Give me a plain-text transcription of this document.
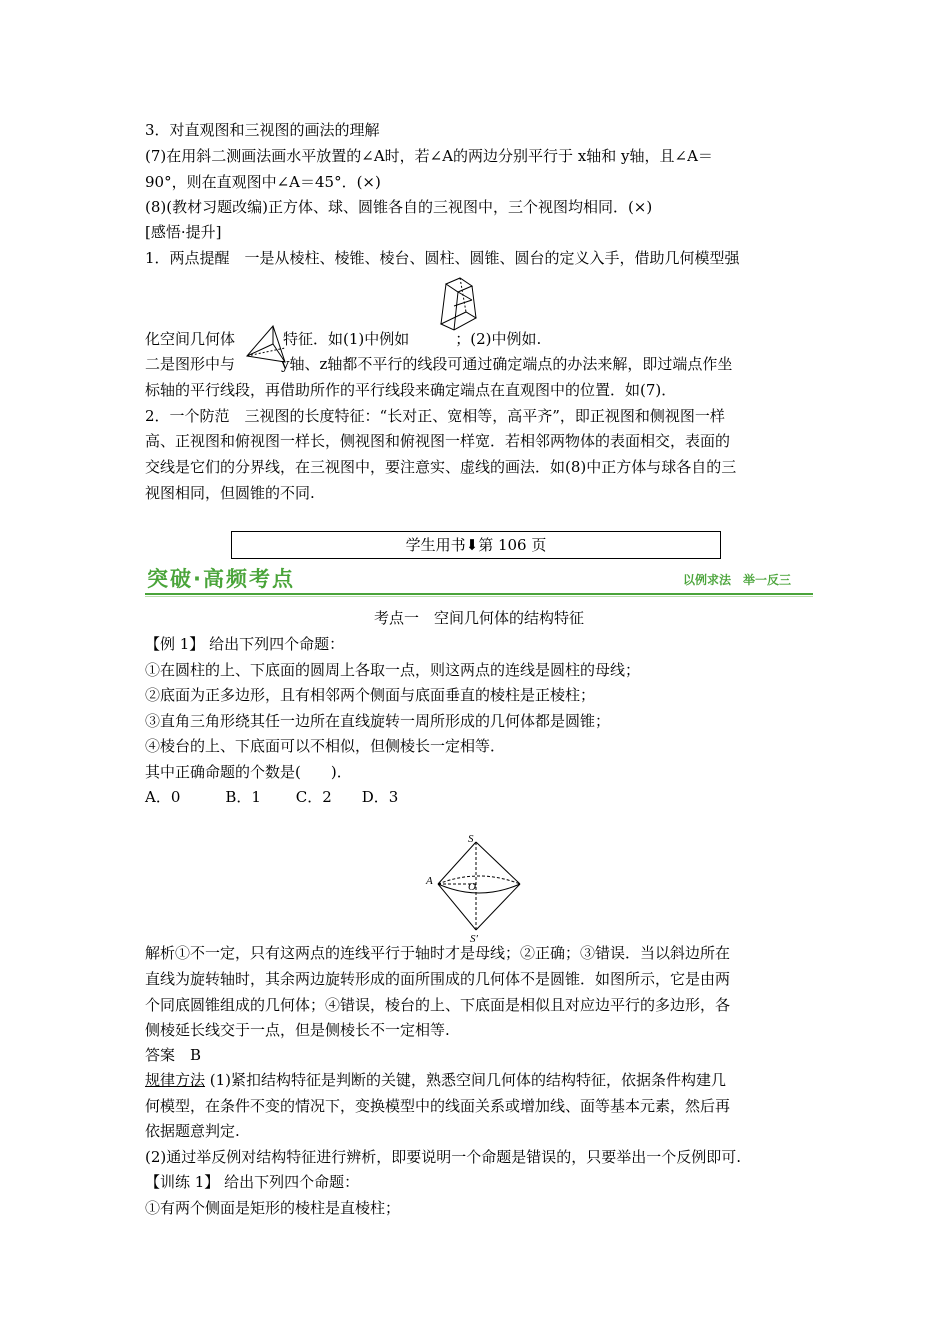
3．对直观图和三视图的画法的理解
(7)在用斜二测画法画水平放置的∠A时，若∠A的两边分别平行于 x轴和 y轴，且∠A＝
90°，则在直观图中∠A＝45°．(×)
(8)(教材习题改编)正方体、球、圆锥各自的三视图中，三个视图均相同．(×)
[感悟·提升]
1．两点提醒　一是从棱柱、棱锥、棱台、圆柱、圆锥、圆台的定义入手，借助几何模型强
化空间几何体	特征．如(1)中例如	；(2)中例如.
二是图形中与	y轴、z轴都不平行的线段可通过确定端点的办法来解，即过端点作坐
标轴的平行线段，再借助所作的平行线段来确定端点在直观图中的位置．如(7)．
2．一个防范　三视图的长度特征：“长对正、宽相等，高平齐”，即正视图和侧视图一样
高、正视图和俯视图一样长，侧视图和俯视图一样宽．若相邻两物体的表面相交，表面的
交线是它们的分界线，在三视图中，要注意实、虚线的画法．如(8)中正方体与球各自的三
视图相同，但圆锥的不同.
学生用书⬇第 106 页
突破·高频考点	以例求法　举一反三
考点一　空间几何体的结构特征
【例 1】 给出下列四个命题：
①在圆柱的上、下底面的圆周上各取一点，则这两点的连线是圆柱的母线；
②底面为正多边形，且有相邻两个侧面与底面垂直的棱柱是正棱柱；
③直角三角形绕其任一边所在直线旋转一周所形成的几何体都是圆锥；
④棱台的上、下底面可以不相似，但侧棱长一定相等．
其中正确命题的个数是(　　)．
A．0　　　B．1　　 C．2　　D．3
S
A	O
S′
解析①不一定，只有这两点的连线平行于轴时才是母线；②正确；③错误．当以斜边所在
直线为旋转轴时，其余两边旋转形成的面所围成的几何体不是圆锥．如图所示，它是由两
个同底圆锥组成的几何体；④错误，棱台的上、下底面是相似且对应边平行的多边形，各
侧棱延长线交于一点，但是侧棱长不一定相等.
答案　B
规律方法 (1)紧扣结构特征是判断的关键，熟悉空间几何体的结构特征，依据条件构建几
何模型，在条件不变的情况下，变换模型中的线面关系或增加线、面等基本元素，然后再
依据题意判定.
(2)通过举反例对结构特征进行辨析，即要说明一个命题是错误的，只要举出一个反例即可.
【训练 1】 给出下列四个命题：
①有两个侧面是矩形的棱柱是直棱柱；
